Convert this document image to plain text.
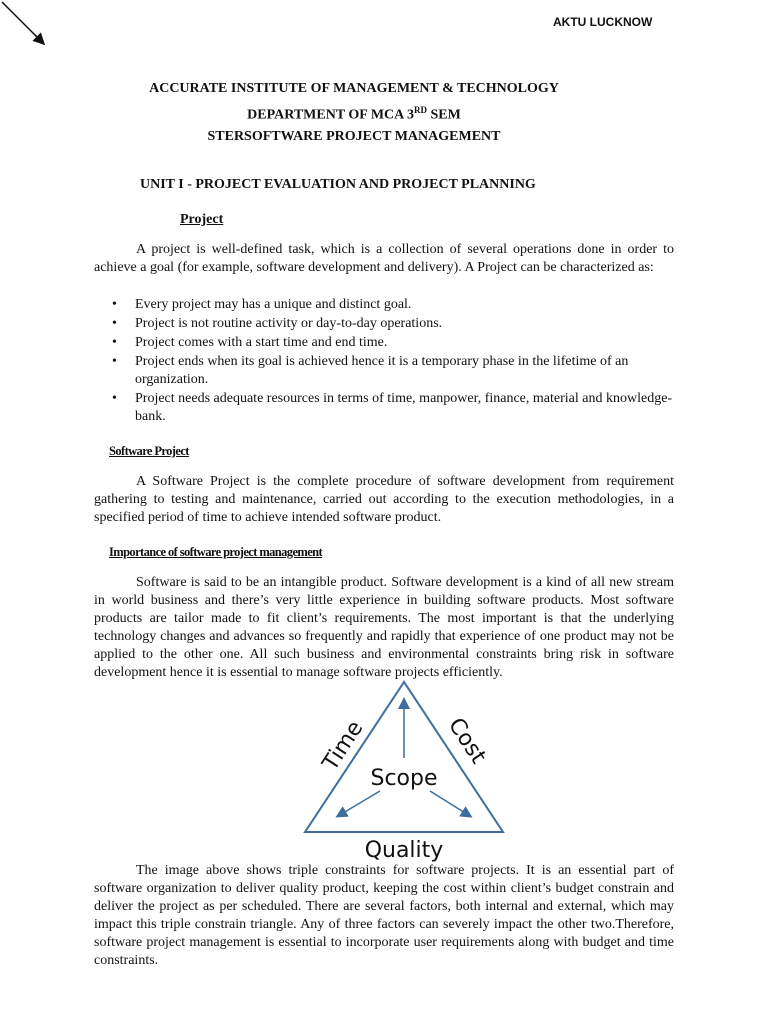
AKTU LUCKNOW
ACCURATE INSTITUTE OF MANAGEMENT & TECHNOLOGY
DEPARTMENT OF MCA 3RD SEM
STERSOFTWARE PROJECT MANAGEMENT
UNIT I - PROJECT EVALUATION AND PROJECT PLANNING
Project
A project is well-defined task, which is a collection of several operations done in order to achieve a goal (for example, software development and delivery). A Project can be characterized as:
• Every project may has a unique and distinct goal.
• Project is not routine activity or day-to-day operations.
• Project comes with a start time and end time.
• Project ends when its goal is achieved hence it is a temporary phase in the lifetime of an organization.
• Project needs adequate resources in terms of time, manpower, finance, material and knowledge-bank.
Software Project
A Software Project is the complete procedure of software development from requirement gathering to testing and maintenance, carried out according to the execution methodologies, in a specified period of time to achieve intended software product.
Importance of software project management
Software is said to be an intangible product. Software development is a kind of all new stream in world business and there’s very little experience in building software products. Most software products are tailor made to fit client’s requirements. The most important is that the underlying technology changes and advances so frequently and rapidly that experience of one product may not be applied to the other one. All such business and environmental constraints bring risk in software development hence it is essential to manage software projects efficiently.
Time	Cost
Scope
Quality
The image above shows triple constraints for software projects. It is an essential part of software organization to deliver quality product, keeping the cost within client’s budget constrain and deliver the project as per scheduled. There are several factors, both internal and external, which may impact this triple constrain triangle. Any of three factors can severely impact the other two.Therefore, software project management is essential to incorporate user requirements along with budget and time constraints.
